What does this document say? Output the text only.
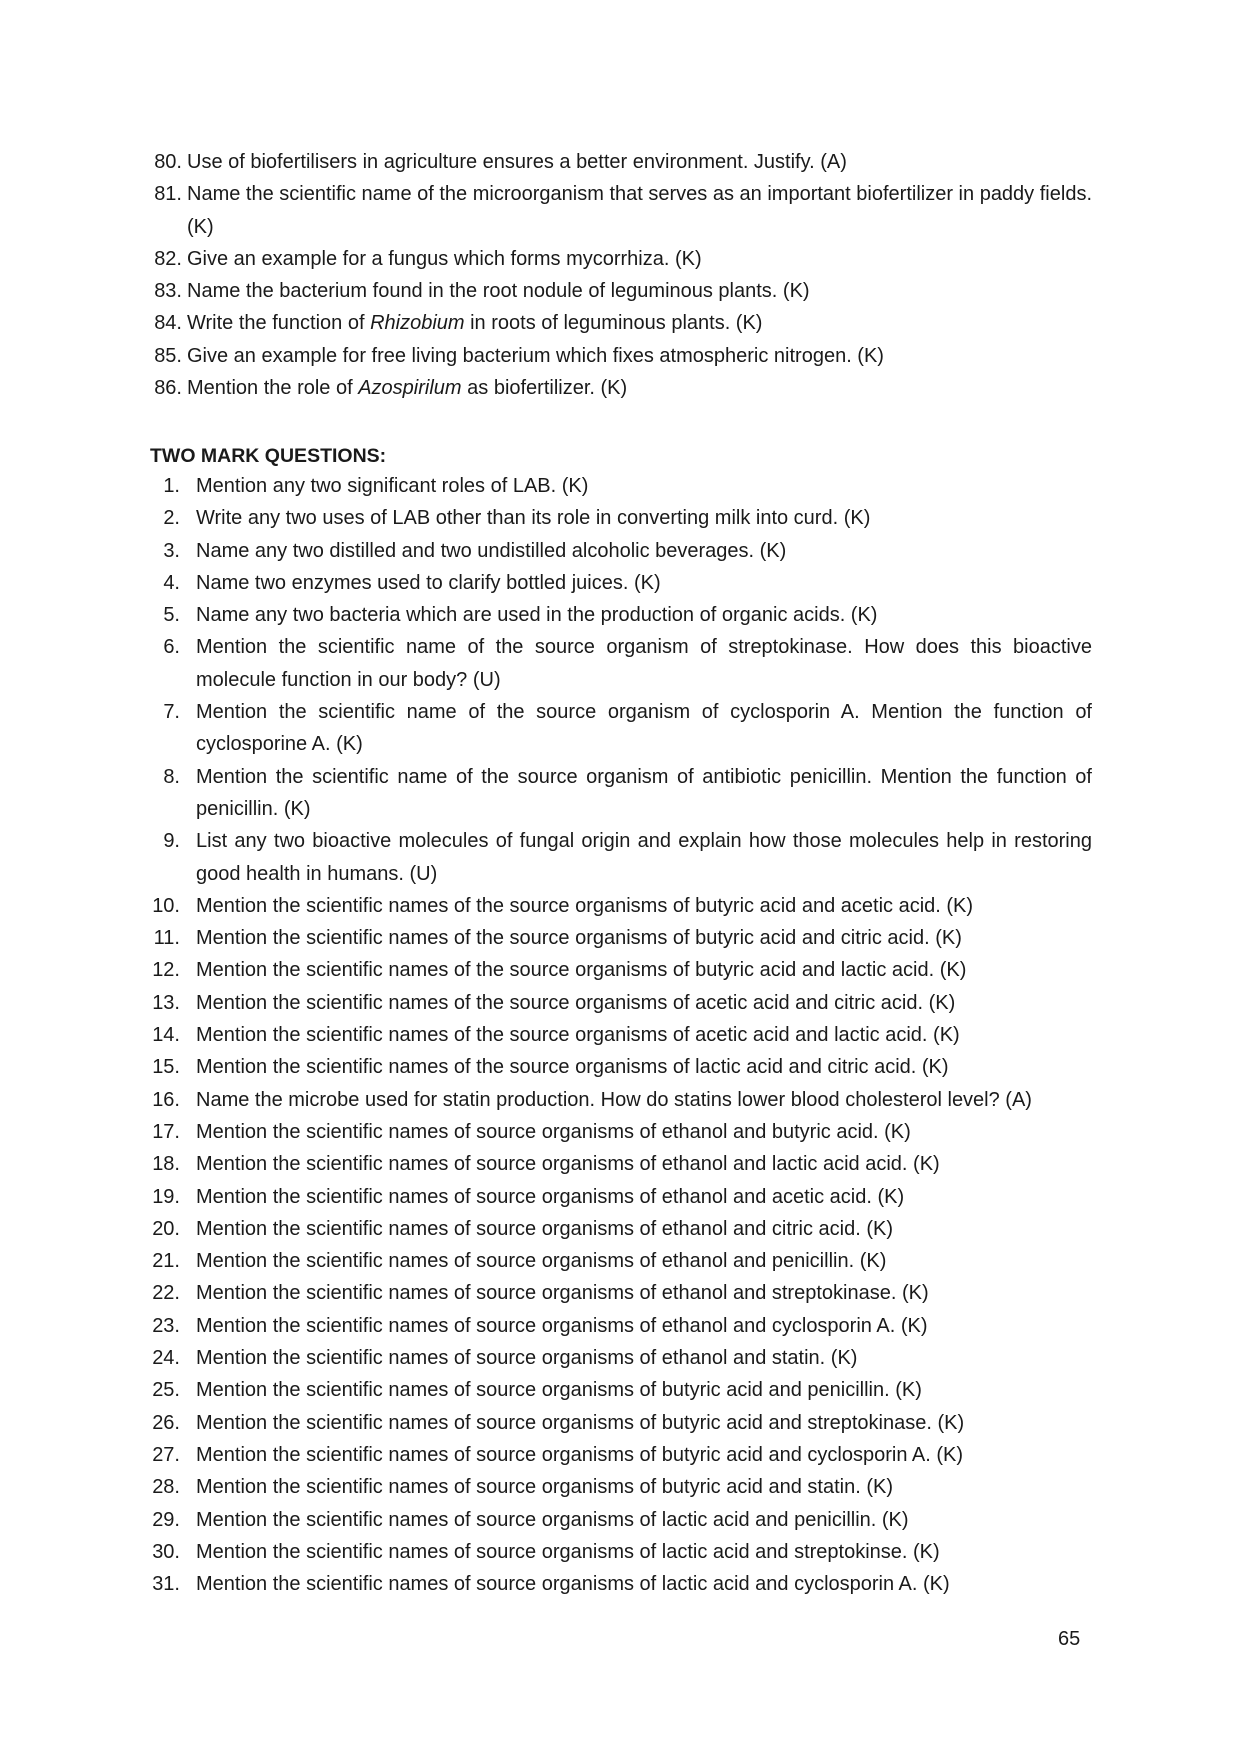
80. Use of biofertilisers in agriculture ensures a better environment. Justify. (A)
81. Name the scientific name of the microorganism that serves as an important biofertilizer in paddy fields. (K)
82. Give an example for a fungus which forms mycorrhiza. (K)
83. Name the bacterium found in the root nodule of leguminous plants. (K)
84. Write the function of Rhizobium in roots of leguminous plants. (K)
85. Give an example for free living bacterium which fixes atmospheric nitrogen. (K)
86. Mention the role of Azospirilum as biofertilizer. (K)
TWO MARK QUESTIONS:
1. Mention any two significant roles of LAB. (K)
2. Write any two uses of LAB other than its role in converting milk into curd. (K)
3. Name any two distilled and two undistilled alcoholic beverages. (K)
4. Name two enzymes used to clarify bottled juices. (K)
5. Name any two bacteria which are used in the production of organic acids. (K)
6. Mention the scientific name of the source organism of streptokinase. How does this bioactive molecule function in our body? (U)
7. Mention the scientific name of the source organism of cyclosporin A. Mention the function of cyclosporine A. (K)
8. Mention the scientific name of the source organism of antibiotic penicillin. Mention the function of penicillin. (K)
9. List any two bioactive molecules of fungal origin and explain how those molecules help in restoring good health in humans. (U)
10. Mention the scientific names of the source organisms of butyric acid and acetic acid. (K)
11. Mention the scientific names of the source organisms of butyric acid and citric acid. (K)
12. Mention the scientific names of the source organisms of butyric acid and lactic acid. (K)
13. Mention the scientific names of the source organisms of acetic acid and citric acid. (K)
14. Mention the scientific names of the source organisms of acetic acid and lactic acid. (K)
15. Mention the scientific names of the source organisms of lactic acid and citric acid. (K)
16. Name the microbe used for statin production. How do statins lower blood cholesterol level? (A)
17. Mention the scientific names of source organisms of ethanol and butyric acid. (K)
18. Mention the scientific names of source organisms of ethanol and lactic acid acid. (K)
19. Mention the scientific names of source organisms of ethanol and acetic acid. (K)
20. Mention the scientific names of source organisms of ethanol and citric acid. (K)
21. Mention the scientific names of source organisms of ethanol and penicillin. (K)
22. Mention the scientific names of source organisms of ethanol and streptokinase. (K)
23. Mention the scientific names of source organisms of ethanol and cyclosporin A. (K)
24. Mention the scientific names of source organisms of ethanol and statin. (K)
25. Mention the scientific names of source organisms of butyric acid and penicillin. (K)
26. Mention the scientific names of source organisms of butyric acid and streptokinase. (K)
27. Mention the scientific names of source organisms of butyric acid and cyclosporin A. (K)
28. Mention the scientific names of source organisms of butyric acid and statin. (K)
29. Mention the scientific names of source organisms of lactic acid and penicillin. (K)
30. Mention the scientific names of source organisms of lactic acid and streptokinse. (K)
31. Mention the scientific names of source organisms of lactic acid and cyclosporin A. (K)
65
